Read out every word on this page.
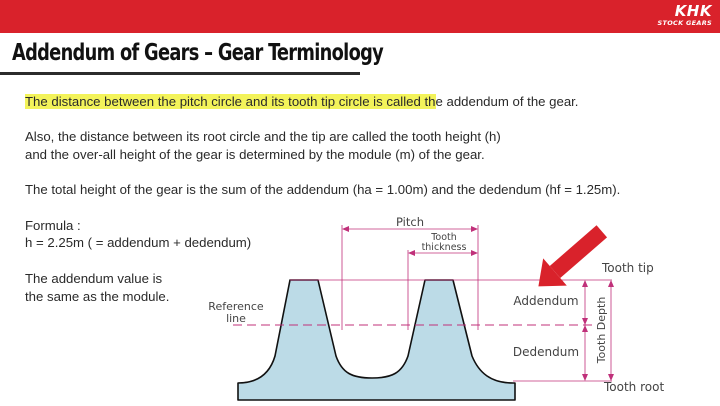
KHK
STOCK GEARS
Addendum of Gears – Gear Terminology
The distance between the pitch circle and its tooth tip circle is called the addendum of the gear.
Also, the distance between its root circle and the tip are called the tooth height (h)
and the over-all height of the gear is determined by the module (m) of the gear.
The total height of the gear is the sum of the addendum (ha = 1.00m) and the dedendum (hf = 1.25m).
Formula :
h = 2.25m ( = addendum + dedendum)
The addendum value is
the same as the module.
Pitch
Tooth
thickness
Tooth Depth
Reference
line
Addendum
Dedendum
Tooth tip
Tooth root
